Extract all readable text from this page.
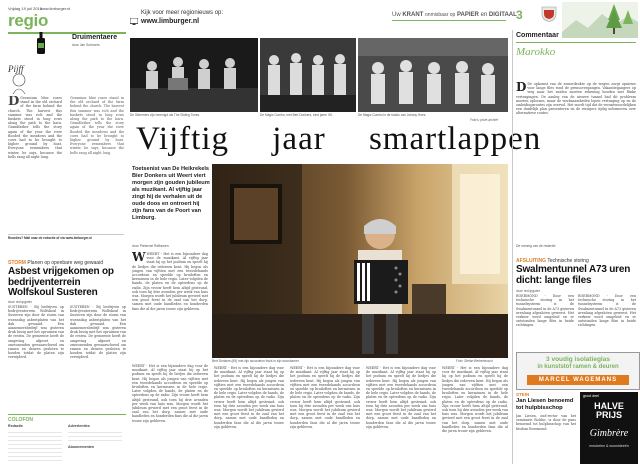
Vrijdag 19 juli 2013
www.limburger.nl
regio	Kijk voor meer regionieuws op:
www.limburger.nl
Uw KRANT onmisbaar op PAPIER en DIGITAAL 3
Druimentaere
door Jan Schruers
Pijff
D Geranium blue roses stand in the old orchard of the farm behind the church. The harvest this summer was rich and the baskets stood in long rows along the path to the barn. Grandfather tells the story again of the year the river flooded the meadows and the cows had to be brought to higher ground by boat. Everyone remembers that winter, he says, because the bells rang all night long.
Geranium blue roses stand in the old orchard of the farm behind the church. The harvest this summer was rich and the baskets stood in long rows along the path to the barn. Grandfather tells the story again of the year the river flooded the meadows and the cows had to be brought to higher ground by boat. Everyone remembers that winter, he says, because the bells rang all night long.
Reacties? Mail naar de redactie of via www.limburger.nl
STORM Planen op openbare weg gewaaid
Asbest vrijgekomen op bedrijventerrein Wolfskoul Susteren
door red.ipgoter
SUSTEREN - Bij bedrijven op bedrijventerrein Wolfskoul in Susteren zijn door de storm van woensdag asbestplaten van het dak gewaaid. Een aannemersbedrijf was gisteren druk bezig met het opruimen van de resten. De gemeente heeft de omgeving afgezet en omwonenden gewaarschuwd om ramen en deuren gesloten te houden totdat de platen zijn verwijderd.
SUSTEREN - Bij bedrijven op bedrijventerrein Wolfskoul in Susteren zijn door de storm van woensdag asbestplaten van het dak gewaaid. Een aannemersbedrijf was gisteren druk bezig met het opruimen van de resten. De gemeente heeft de omgeving afgezet en omwonenden gewaarschuwd om ramen en deuren gesloten te houden totdat de platen zijn verwijderd.
COLOFON
Redactie	Advertenties
Abonnementen
De Skimmers zijn herenigd als The Sliding Tones.	De Magic Combo, met Bert Donkers, eind jaren '60.	De Magic Combo in de studio van Johnny Hoes.
Foto's: privé-archief
Vijftig jaar smartlappen
Toetsenist van De Heikrekels Bier Donkers uit Weert viert morgen zijn gouden jubileum als muzikant. Al vijftig jaar zingt hij de verhalen uit de oude doos en ontroert hij zijn fans van de Poort van Limburg.
door Pieternel Reffamen
Bert Donkers (69) met zijn accordeon thuis in zijn woonkamer.	Foto: Stefan Berkenbosch
WWEERT - Het is een bijzondere dag voor de muzikant. Al vijftig jaar staat hij op het podium en speelt hij de liedjes die iedereen kent. Hij begon als jongen van vijftien met een tweedehands accordeon en speelde op bruiloften en kermissen in de hele regio. Later volgden de bands, de platen en de optredens op de radio. Zijn vrouw heeft hem altijd gesteund, ook toen hij drie avonden per week van huis was. Morgen wordt het jubileum gevierd met een groot feest in de zaal van het dorp, samen met oude bandleden en honderden fans die al die jaren trouw zijn gebleven.
WEERT - Het is een bijzondere dag voor de muzikant. Al vijftig jaar staat hij op het podium en speelt hij de liedjes die iedereen kent. Hij begon als jongen van vijftien met een tweedehands accordeon en speelde op bruiloften en kermissen in de hele regio. Later volgden de bands, de platen en de optredens op de radio. Zijn vrouw heeft hem altijd gesteund, ook toen hij drie avonden per week van huis was. Morgen wordt het jubileum gevierd met een groot feest in de zaal van het dorp, samen met oude bandleden en honderden fans die al die jaren trouw zijn gebleven.
WEERT - Het is een bijzondere dag voor de muzikant. Al vijftig jaar staat hij op het podium en speelt hij de liedjes die iedereen kent. Hij begon als jongen van vijftien met een tweedehands accordeon en speelde op bruiloften en kermissen in de hele regio. Later volgden de bands, de platen en de optredens op de radio. Zijn vrouw heeft hem altijd gesteund, ook toen hij drie avonden per week van huis was. Morgen wordt het jubileum gevierd met een groot feest in de zaal van het dorp, samen met oude bandleden en honderden fans die al die jaren trouw zijn gebleven.
WEERT - Het is een bijzondere dag voor de muzikant. Al vijftig jaar staat hij op het podium en speelt hij de liedjes die iedereen kent. Hij begon als jongen van vijftien met een tweedehands accordeon en speelde op bruiloften en kermissen in de hele regio. Later volgden de bands, de platen en de optredens op de radio. Zijn vrouw heeft hem altijd gesteund, ook toen hij drie avonden per week van huis was. Morgen wordt het jubileum gevierd met een groot feest in de zaal van het dorp, samen met oude bandleden en honderden fans die al die jaren trouw zijn gebleven.
WEERT - Het is een bijzondere dag voor de muzikant. Al vijftig jaar staat hij op het podium en speelt hij de liedjes die iedereen kent. Hij begon als jongen van vijftien met een tweedehands accordeon en speelde op bruiloften en kermissen in de hele regio. Later volgden de bands, de platen en de optredens op de radio. Zijn vrouw heeft hem altijd gesteund, ook toen hij drie avonden per week van huis was. Morgen wordt het jubileum gevierd met een groot feest in de zaal van het dorp, samen met oude bandleden en honderden fans die al die jaren trouw zijn gebleven.
WEERT - Het is een bijzondere dag voor de muzikant. Al vijftig jaar staat hij op het podium en speelt hij de liedjes die iedereen kent. Hij begon als jongen van vijftien met een tweedehands accordeon en speelde op bruiloften en kermissen in de hele regio. Later volgden de bands, de platen en de optredens op de radio. Zijn vrouw heeft hem altijd gesteund, ook toen hij drie avonden per week van huis was. Morgen wordt het jubileum gevierd met een groot feest in de zaal van het dorp, samen met oude bandleden en honderden fans die al die jaren trouw zijn gebleven.
Commentaar
Marokko
D De opkomst van de zomerdrukte op de wegen zorgt opnieuw voor lange files rond de grensovergangen. Vakantiegangers op weg naar het zuiden moeten rekening houden met flinke vertragingen. De aanleg van de nieuwe tunnel had dit probleem moeten oplossen, maar de werkzaamheden lopen vertraging op en de omleidingsroutes zijn overvol. Het wordt tijd dat de verantwoordelijken een duidelijk plan presenteren en de reizigers tijdig informeren over alternatieve routes.
De mening van de redactie
AFSLUITING Technische storing
Swalmentunnel A73 uren dicht: lange files
door red.ipgoter
ROERMOND - Door een technische storing in het tunnelsysteem is de Swalmentunnel in de A73 gisteren urenlang afgesloten geweest. Het verkeer werd omgeleid en er ontstonden lange files in beide richtingen.
ROERMOND - Door een technische storing in het tunnelsysteem is de Swalmentunnel in de A73 gisteren urenlang afgesloten geweest. Het verkeer werd omgeleid en er ontstonden lange files in beide richtingen.
3 voudig isolatieglas
in kunststof ramen & deuren
MARCEL WAGEMANS
STEIN
Jan Liesen benoemd tot hulpbisschop
Jan Liesen, oud-rector van het seminarie Rolduc, is door de paus benoemd tot hulpbisschop van het bisdom Roermond.
groot deel
HALVE PRIJS
Gimbrère
meubelen & woonideeën
